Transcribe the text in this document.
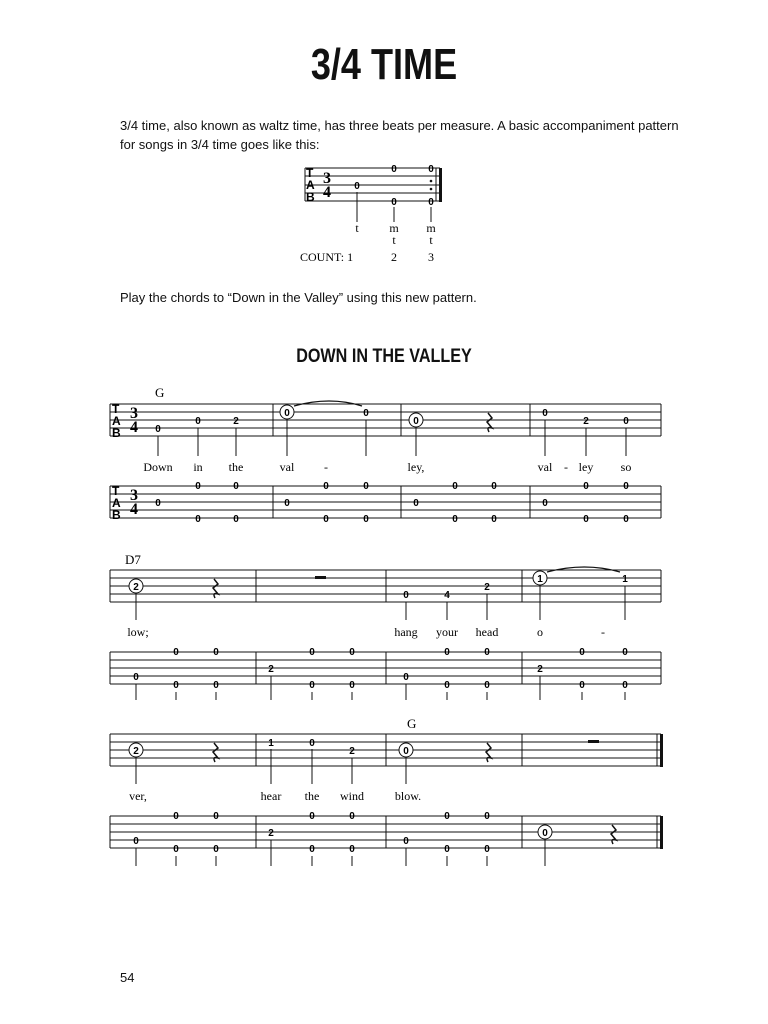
3/4 TIME
3/4 time, also known as waltz time, has three beats per measure. A basic accompaniment pattern for songs in 3/4 time goes like this:
Play the chords to “Down in the Valley” using this new pattern.
DOWN IN THE VALLEY
54
T
A
B
3
4 0
0
0
0
0
t	m m
t	t
COUNT: 1	2	3
G
T
A
B
3
4 0
0	2
0	0
0
0
2	0
Down in the	val -	ley,	val - ley so
T
A
B
3
4 0
0
0
0
0
0
0
0
0
0
0
0
0
0
0
0
0
0
0
0
D7
2
0	4
2
1	1
low;	hang your head	o	-
0
0
0
0
0
2
0
0
0
0
0
0
0
0
0
2
0
0
0
0
G
2
1	0
2	0
ver,	hear the wind	blow.
0
0
0
0
0
2
0
0
0
0
0
0
0
0
0
0
